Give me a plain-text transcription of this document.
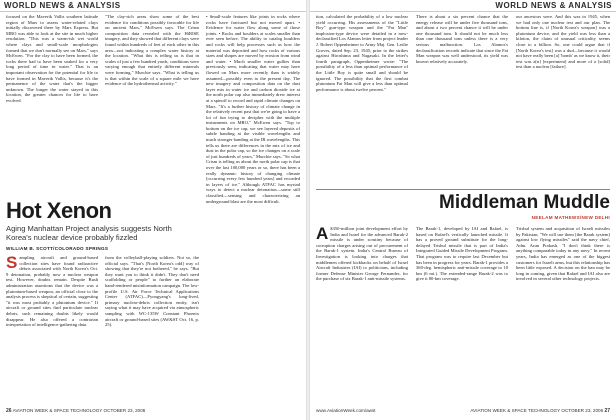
WORLD NEWS & ANALYSIS

focused on the Maverik Vallis southern latitude region of Mars to assess water-related clays initially discovered there by Mars Express. But MRO was able to look at the site in much higher resolution. "This was a warm-ish wet world where clays and small-scale morphologies formed that we don't normally see on Mars," says McEwen. "For the clay to have been formed, the rocks there had to have been soaked for a very long period of time in water." That is an important observation for the potential for life to have formed in Maverik Vallis, because it's the permanence of the water that's the bigger unknown. The longer the water stayed in this location, the greater chances for life to have evolved.

"The clay-rich areas show some of the best evidence for conditions possibly favorable for life on ancient Mars," McEwen says. The Crism composition data revealed with the HiRISE imagery, and they showed that different clays were found within hundreds of feet of each other in this area—not indicating a complex water history at the location. "What this is telling us is that in scales of just a few hundred yards, conditions were varying enough that entirely different minerals were forming," Murchie says. "What is telling us is that within the scale of a square mile we have evidence of the hydrothermal activity."

• Small-scale features like joints in rocks where rocks have fractured but not moved apart. • Evidence for water flow along some of those joints. • Rocks and boulders at scales smaller than ever seen before. The ability to catalog boulders and rocks will help processes such as how the material was deposited and how rocks of various sizes and shapes are moved by erosion from wind and water. • Much smaller water gullies than previously seen, indicating that water may have flowed on Mars more recently than is widely assumed—possibly even to the present day. The new imagery and composition data on the dust layer mix in water ice and carbon dioxide ice at the north polar cap also immediately drew interest at a spinoff to record and rapid climate changes on Mars. "It's a further history of climate change in the relatively recent past that we're going to have a lot of fun trying to decipher with the multiple instruments on MRO," McEwen says. "Top to bottom on the ice cap, we see layered deposits of subtle banding at the visible wavelengths and much stronger banding at the IR wavelengths. This tells us there are differences in the mix of ice and dust in the polar cap, so the ice changes on a scale of just hundreds of years," Murchie says. "So what Crism is telling us about the north polar cap is that over the last 100,000 years or so, there has been a really dynamic history of changing climate [occurring every few hundred years] and recorded in layers of ice." Although ATFAC has myriad ways to detect a nuclear detonation—some still classified—sensing and characterizing an underground blast are the most difficult.

Hot Xenon
Aging Manhattan Project analysis suggests North Korea's nuclear device probably fizzled
WILLIAM B. SCOTT/COLORADO SPRINGS
S ampling aircraft and ground-based collection sites have found radioactive debris associated with North Korea's Oct. 9 detonation, probably now a nuclear weapon test. However, doubts remain. Despite Bush administration assertions that the device was a plutonium-based weapon, an official close to the analysis process is skeptical of certain, suggesting "it was most probably a plutonium device." If aircraft or ground sites find particulate nuclear debris, such remaining doubts likely would disappear. He also offered a contrarian interpretation of intelligence-gathering data.

from the volleyball-playing soldiers. Not so, the official says. "That's [North Korea's odd] way of showing that they're not bothered," he says. "But they want you to think it didn't. They don't need scaffolding or people" to further an elaborate hand-rendered misinformation campaign. The low-profile U.S. Air Force Technical Applications Center (ATFAC)—Pyongyang's long-lived, primary nuclear-debris collection entity, isn't saying what it may have acquired via atmospheric sampling with WC-135W Constant Phoenix aircraft or ground-based sites (AW&ST Oct. 16, p. 25).

26 AVIATION WEEK & SPACE TECHNOLOGY OCTOBER 23, 2006
WORLD NEWS & ANALYSIS

tion, calculated the probability of a low nuclear yield occurring. His assessments of the "Little Boy" gun-type weapon and the "Fat Man" implosion-type device were detailed in a now-declassified Los Alamos letter from project leader J. Robert Oppenheimer to Army Maj. Gen. Leslie Groves, dated Sep. 23, 1945, prior to the strikes against Hiroshima and Nagasaki. In the letter's fourth paragraph, Oppenheimer wrote: "The possibility of a less than optimal performance of the Little Boy is quite small and should be ignored. The possibility that the first combat plutonium Fat Man will give a less than optimal performance is about twelve percent."

There is about a six percent chance that the energy release will be under five thousand tons, and about a two percent chance it will be under one thousand tons. It should not be much less than one thousand tons unless there is a very serious malfunction. Los Alamos's declassification records indicate that since the Fat Man weapon was well understood, its yield was known relatively accurately.

our ancestors were. And this was in 1945, when we had only one nuclear test and our plan. The bottom line is, if [North Korea's weapon] was a plutonium device, and the yield was less than a kiloton, the claim of unusual criticality seems close to a billion. So, one could argue that if [North Korea's test] was a dud—because it would not have really been [a] 'bomb' as we know it, their test was a[n] [experiment] and more of a [solid] test than a nuclear [failure].

Middleman Muddle
NEELAM MATHEWS/NEW DELHI
A $350-million joint development effort by India and Israel for the advanced Barak-2 missile is under scrutiny because of corruption charges arising out of procurement of the Barak-1 system. India's Central Bureau of Investigation is looking into charges that middlemen offered kickbacks on behalf of Israel Aircraft Industries (IAI) to politicians, including former Defense Minister George Fernandes, for the purchase of six Barak-1 anti-missile systems.

The Barak-1, developed by IAI and Rafael, is based on Rafael's vertically launched missile. It has a proved ground substitute for the long-delayed Trishul missile that is part of India's Integrated Guided Missile Development Program. That program was to require last December but has been in progress for years. Barak-1 provides a 360-deg. hemispheric anti-missile coverage to 10 km (6 mi.). The extended-range Barak-2 was to give it 80-km coverage.

Trishul system and acquisition of Israeli missiles by Pakistan, "We will use them [the Barak system] against low flying missiles" said the navy chief, Adm. Arun Prakash. "I don't think there is anything comparable today in any navy." In recent years, India has emerged as one of the biggest customers for Israeli arms, but this relationship has been little exposed. A decision on the ban may be long in coming, given that Rafael and IAI also are involved in several other technology projects.

www.AviationWeek.com/awst	AVIATION WEEK & SPACE TECHNOLOGY OCTOBER 23, 2006 27
